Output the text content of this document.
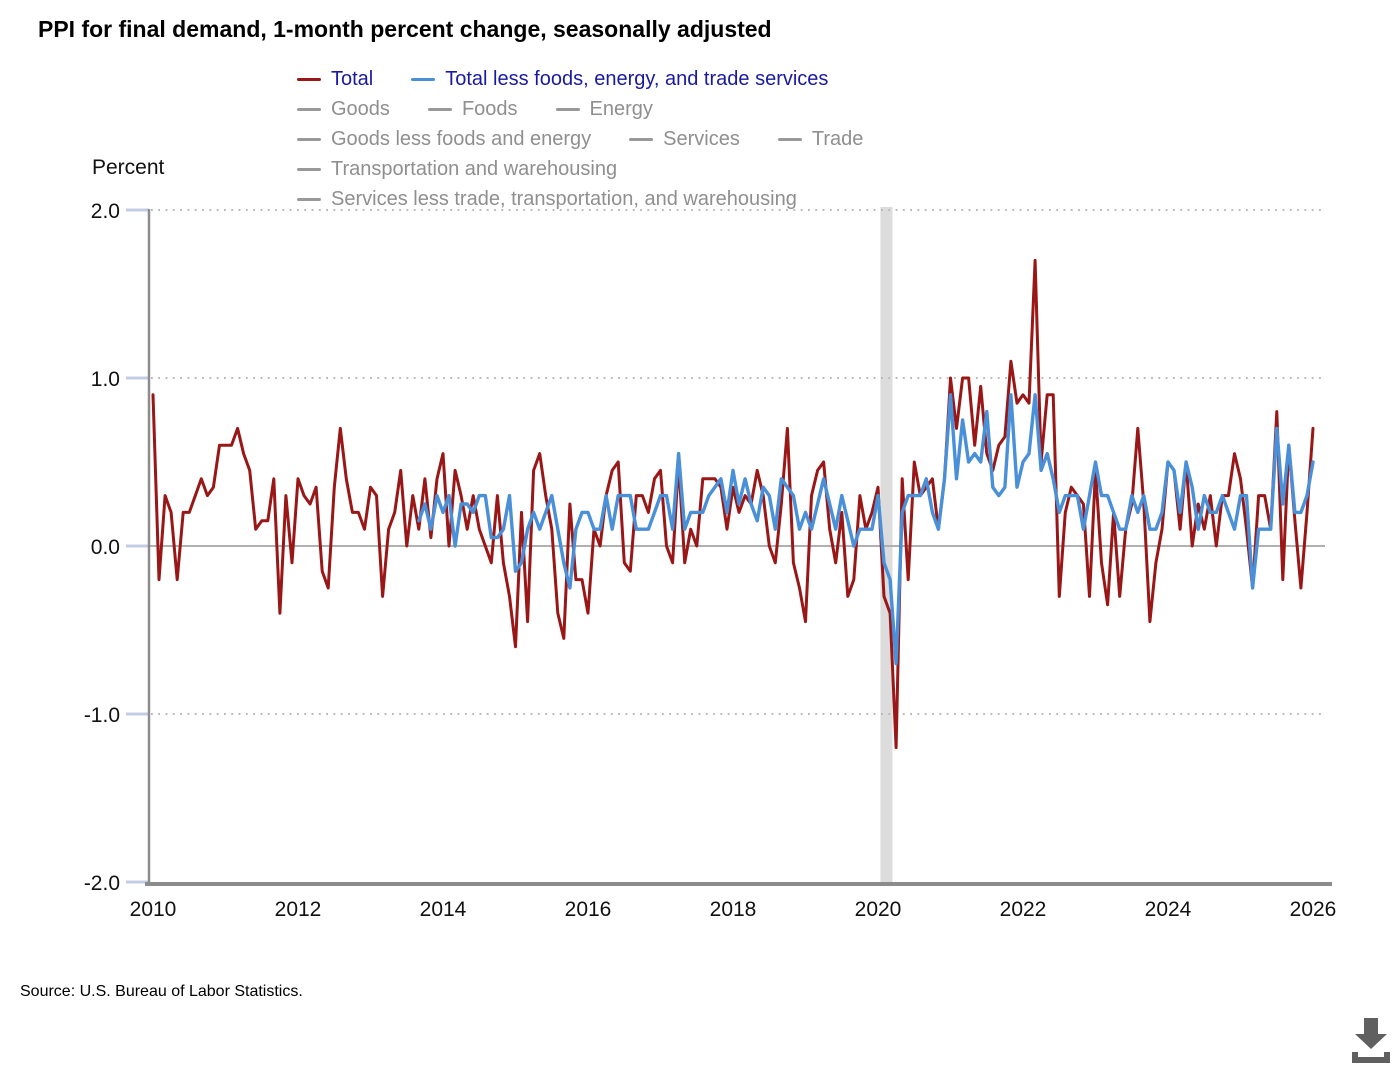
PPI for final demand, 1-month percent change, seasonally adjusted
Percent
2.0
1.0
0.0
-1.0
-2.0
2010	2012	2014	2016	2018	2020	2022	2024	2026
Total	Total less foods, energy, and trade services
Goods	Foods	Energy
Goods less foods and energy	Services	Trade
Transportation and warehousing
Services less trade, transportation, and warehousing
Source: U.S. Bureau of Labor Statistics.
